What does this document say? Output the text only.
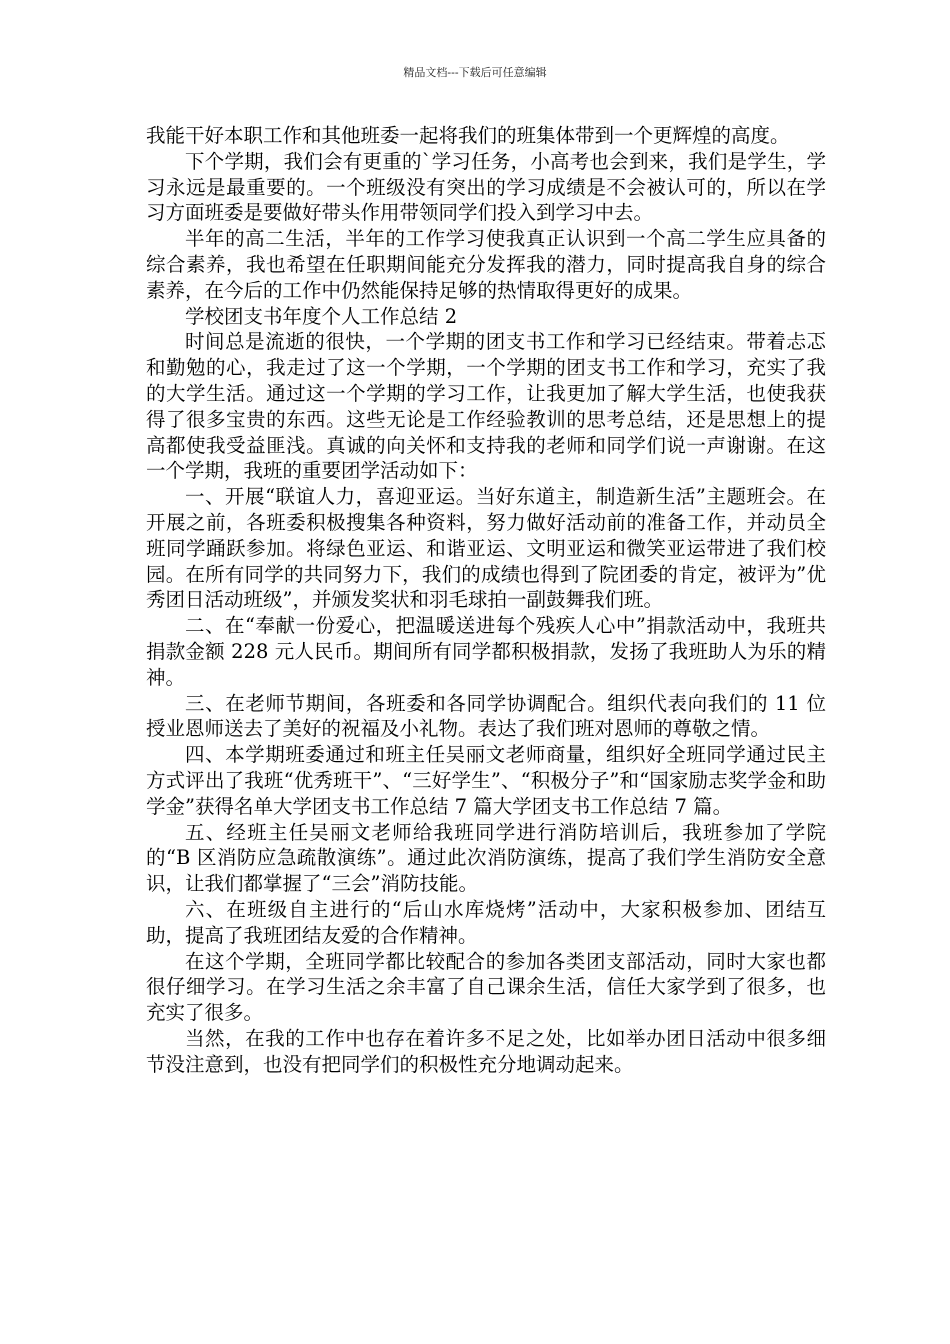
精品文档---下载后可任意编辑

我能干好本职工作和其他班委一起将我们的班集体带到一个更辉煌的高度。

下个学期，我们会有更重的`学习任务，小高考也会到来，我们是学生，学习永远是最重要的。一个班级没有突出的学习成绩是不会被认可的，所以在学习方面班委是要做好带头作用带领同学们投入到学习中去。

半年的高二生活，半年的工作学习使我真正认识到一个高二学生应具备的综合素养，我也希望在任职期间能充分发挥我的潜力，同时提高我自身的综合素养，在今后的工作中仍然能保持足够的热情取得更好的成果。

学校团支书年度个人工作总结 2

时间总是流逝的很快，一个学期的团支书工作和学习已经结束。带着忐忑和勤勉的心，我走过了这一个学期，一个学期的团支书工作和学习，充实了我的大学生活。通过这一个学期的学习工作，让我更加了解大学生活，也使我获得了很多宝贵的东西。这些无论是工作经验教训的思考总结，还是思想上的提高都使我受益匪浅。真诚的向关怀和支持我的老师和同学们说一声谢谢。在这一个学期，我班的重要团学活动如下：

一、开展“联谊人力，喜迎亚运。当好东道主，制造新生活”主题班会。在开展之前，各班委积极搜集各种资料，努力做好活动前的准备工作，并动员全班同学踊跃参加。将绿色亚运、和谐亚运、文明亚运和微笑亚运带进了我们校园。在所有同学的共同努力下，我们的成绩也得到了院团委的肯定，被评为”优秀团日活动班级”，并颁发奖状和羽毛球拍一副鼓舞我们班。

二、在“奉献一份爱心，把温暖送进每个残疾人心中”捐款活动中，我班共捐款金额 228 元人民币。期间所有同学都积极捐款，发扬了我班助人为乐的精神。

三、在老师节期间，各班委和各同学协调配合。组织代表向我们的 11 位授业恩师送去了美好的祝福及小礼物。表达了我们班对恩师的尊敬之情。

四、本学期班委通过和班主任吴丽文老师商量，组织好全班同学通过民主方式评出了我班“优秀班干”、“三好学生”、“积极分子”和“国家励志奖学金和助学金”获得名单大学团支书工作总结 7 篇大学团支书工作总结 7 篇。

五、经班主任吴丽文老师给我班同学进行消防培训后，我班参加了学院的“B 区消防应急疏散演练”。通过此次消防演练，提高了我们学生消防安全意识，让我们都掌握了“三会”消防技能。

六、在班级自主进行的“后山水库烧烤”活动中，大家积极参加、团结互助，提高了我班团结友爱的合作精神。

在这个学期，全班同学都比较配合的参加各类团支部活动，同时大家也都很仔细学习。在学习生活之余丰富了自己课余生活，信任大家学到了很多，也充实了很多。

当然，在我的工作中也存在着许多不足之处，比如举办团日活动中很多细节没注意到，也没有把同学们的积极性充分地调动起来。
